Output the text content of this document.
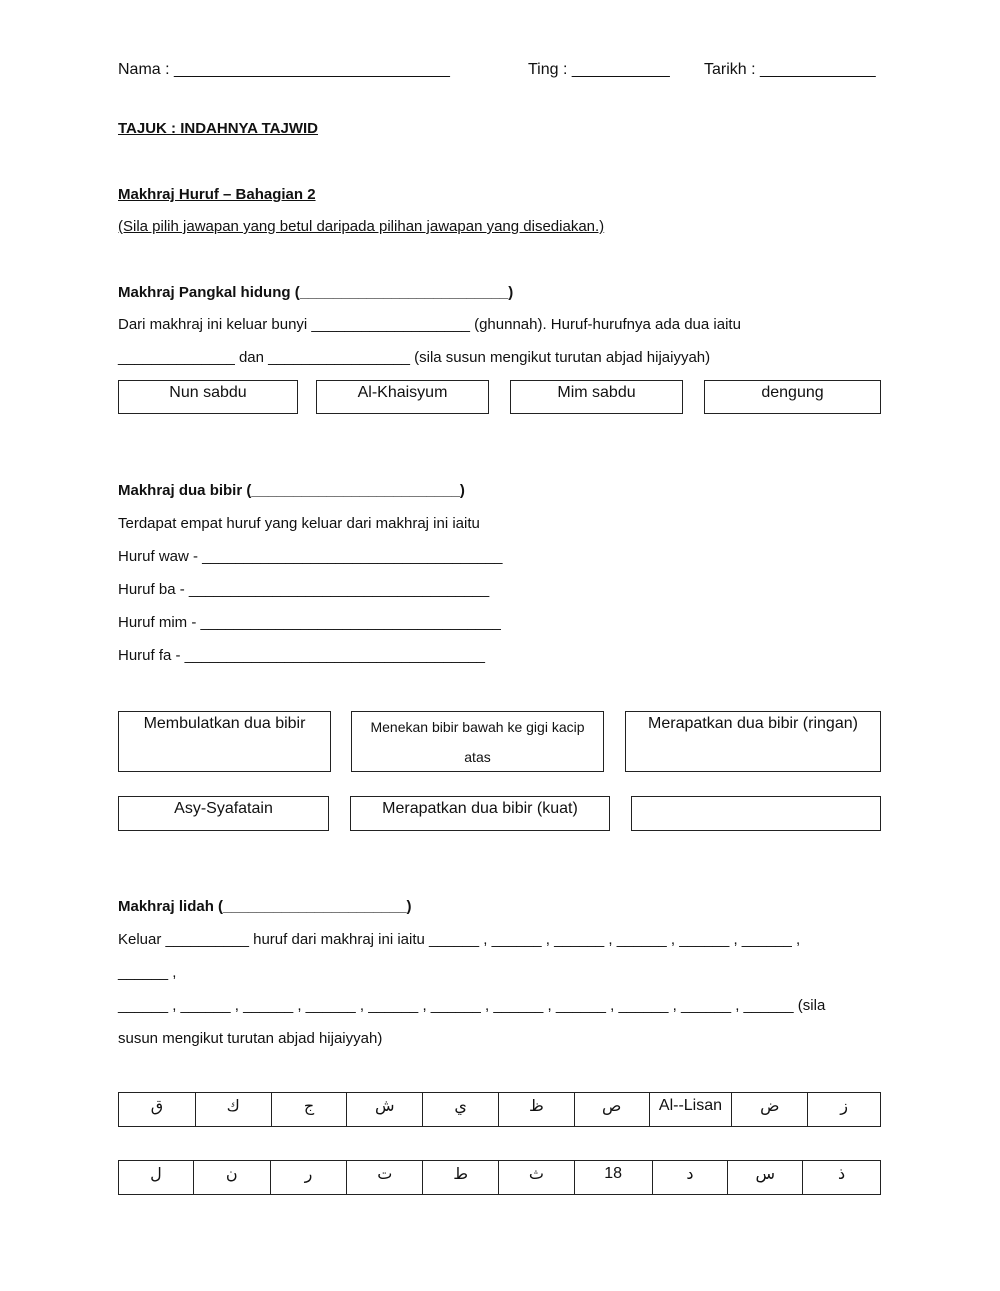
Nama : _______________________________	Ting : ___________ Tarikh : _____________
TAJUK : INDAHNYA TAJWID
Makhraj Huruf – Bahagian 2
(Sila pilih jawapan yang betul daripada pilihan jawapan yang disediakan.)
Makhraj Pangkal hidung (_________________________)
Dari makhraj ini keluar bunyi ___________________ (ghunnah). Huruf-hurufnya ada dua iaitu
______________ dan _________________ (sila susun mengikut turutan abjad hijaiyyah)
Nun sabdu	Al-Khaisyum	Mim sabdu	dengung
Makhraj dua bibir (_________________________)
Terdapat empat huruf yang keluar dari makhraj ini iaitu
Huruf waw - ____________________________________
Huruf ba - ____________________________________
Huruf mim - ____________________________________
Huruf fa - ____________________________________
Membulatkan dua bibir	Menekan bibir bawah ke gigi kacip atas
Merapatkan dua bibir (ringan)
Asy-Syafatain	Merapatkan dua bibir (kuat)
Makhraj lidah (______________________)
Keluar __________ huruf dari makhraj ini iaitu ______ , ______ , ______ , ______ , ______ , ______ ,
______ ,
______ , ______ , ______ , ______ , ______ , ______ , ______ , ______ , ______ , ______ , ______ (sila
susun mengikut turutan abjad hijaiyyah)
ق	ك	ج	ش	ي	ظ	ص	Al--Lisan	ض	ز
ل	ن	ر	ت	ط	ث	18	د	س	ذ
